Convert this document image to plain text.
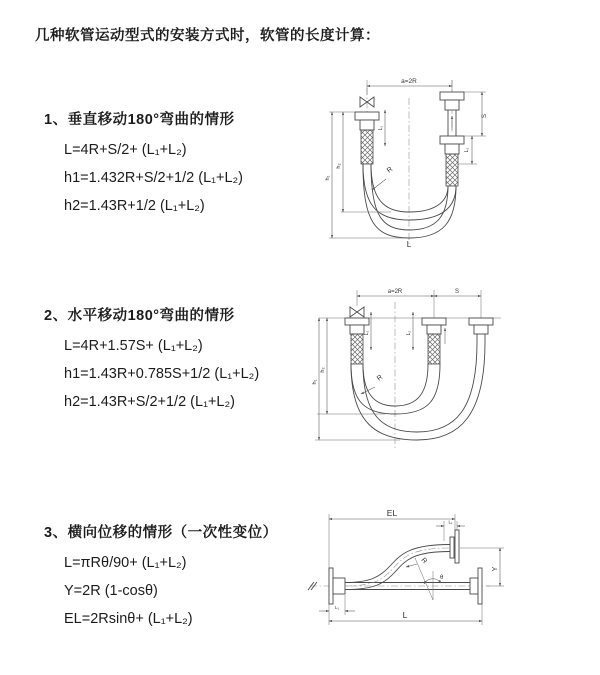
几种软管运动型式的安装方式时，软管的长度计算：
1、垂直移动180°弯曲的情形
L=4R+S/2+ (L₁+L₂)
h1=1.432R+S/2+1/2 (L₁+L₂)
h2=1.43R+1/2 (L₁+L₂)
a=2R
h₁
h₂
L₁
S
L₂
R
L
2、水平移动180°弯曲的情形
L=4R+1.57S+ (L₁+L₂)
h1=1.43R+0.785S+1/2 (L₁+L₂)
h2=1.43R+S/2+1/2 (L₁+L₂)
a=2R	S
L₁	L₂
h₁
h₂
R
3、横向位移的情形（一次性变位）
L=πRθ/90+ (L₁+L₂)
Y=2R (1-cosθ)
EL=2Rsinθ+ (L₁+L₂)
EL
L₁
Y
θ
R
L₁
L
